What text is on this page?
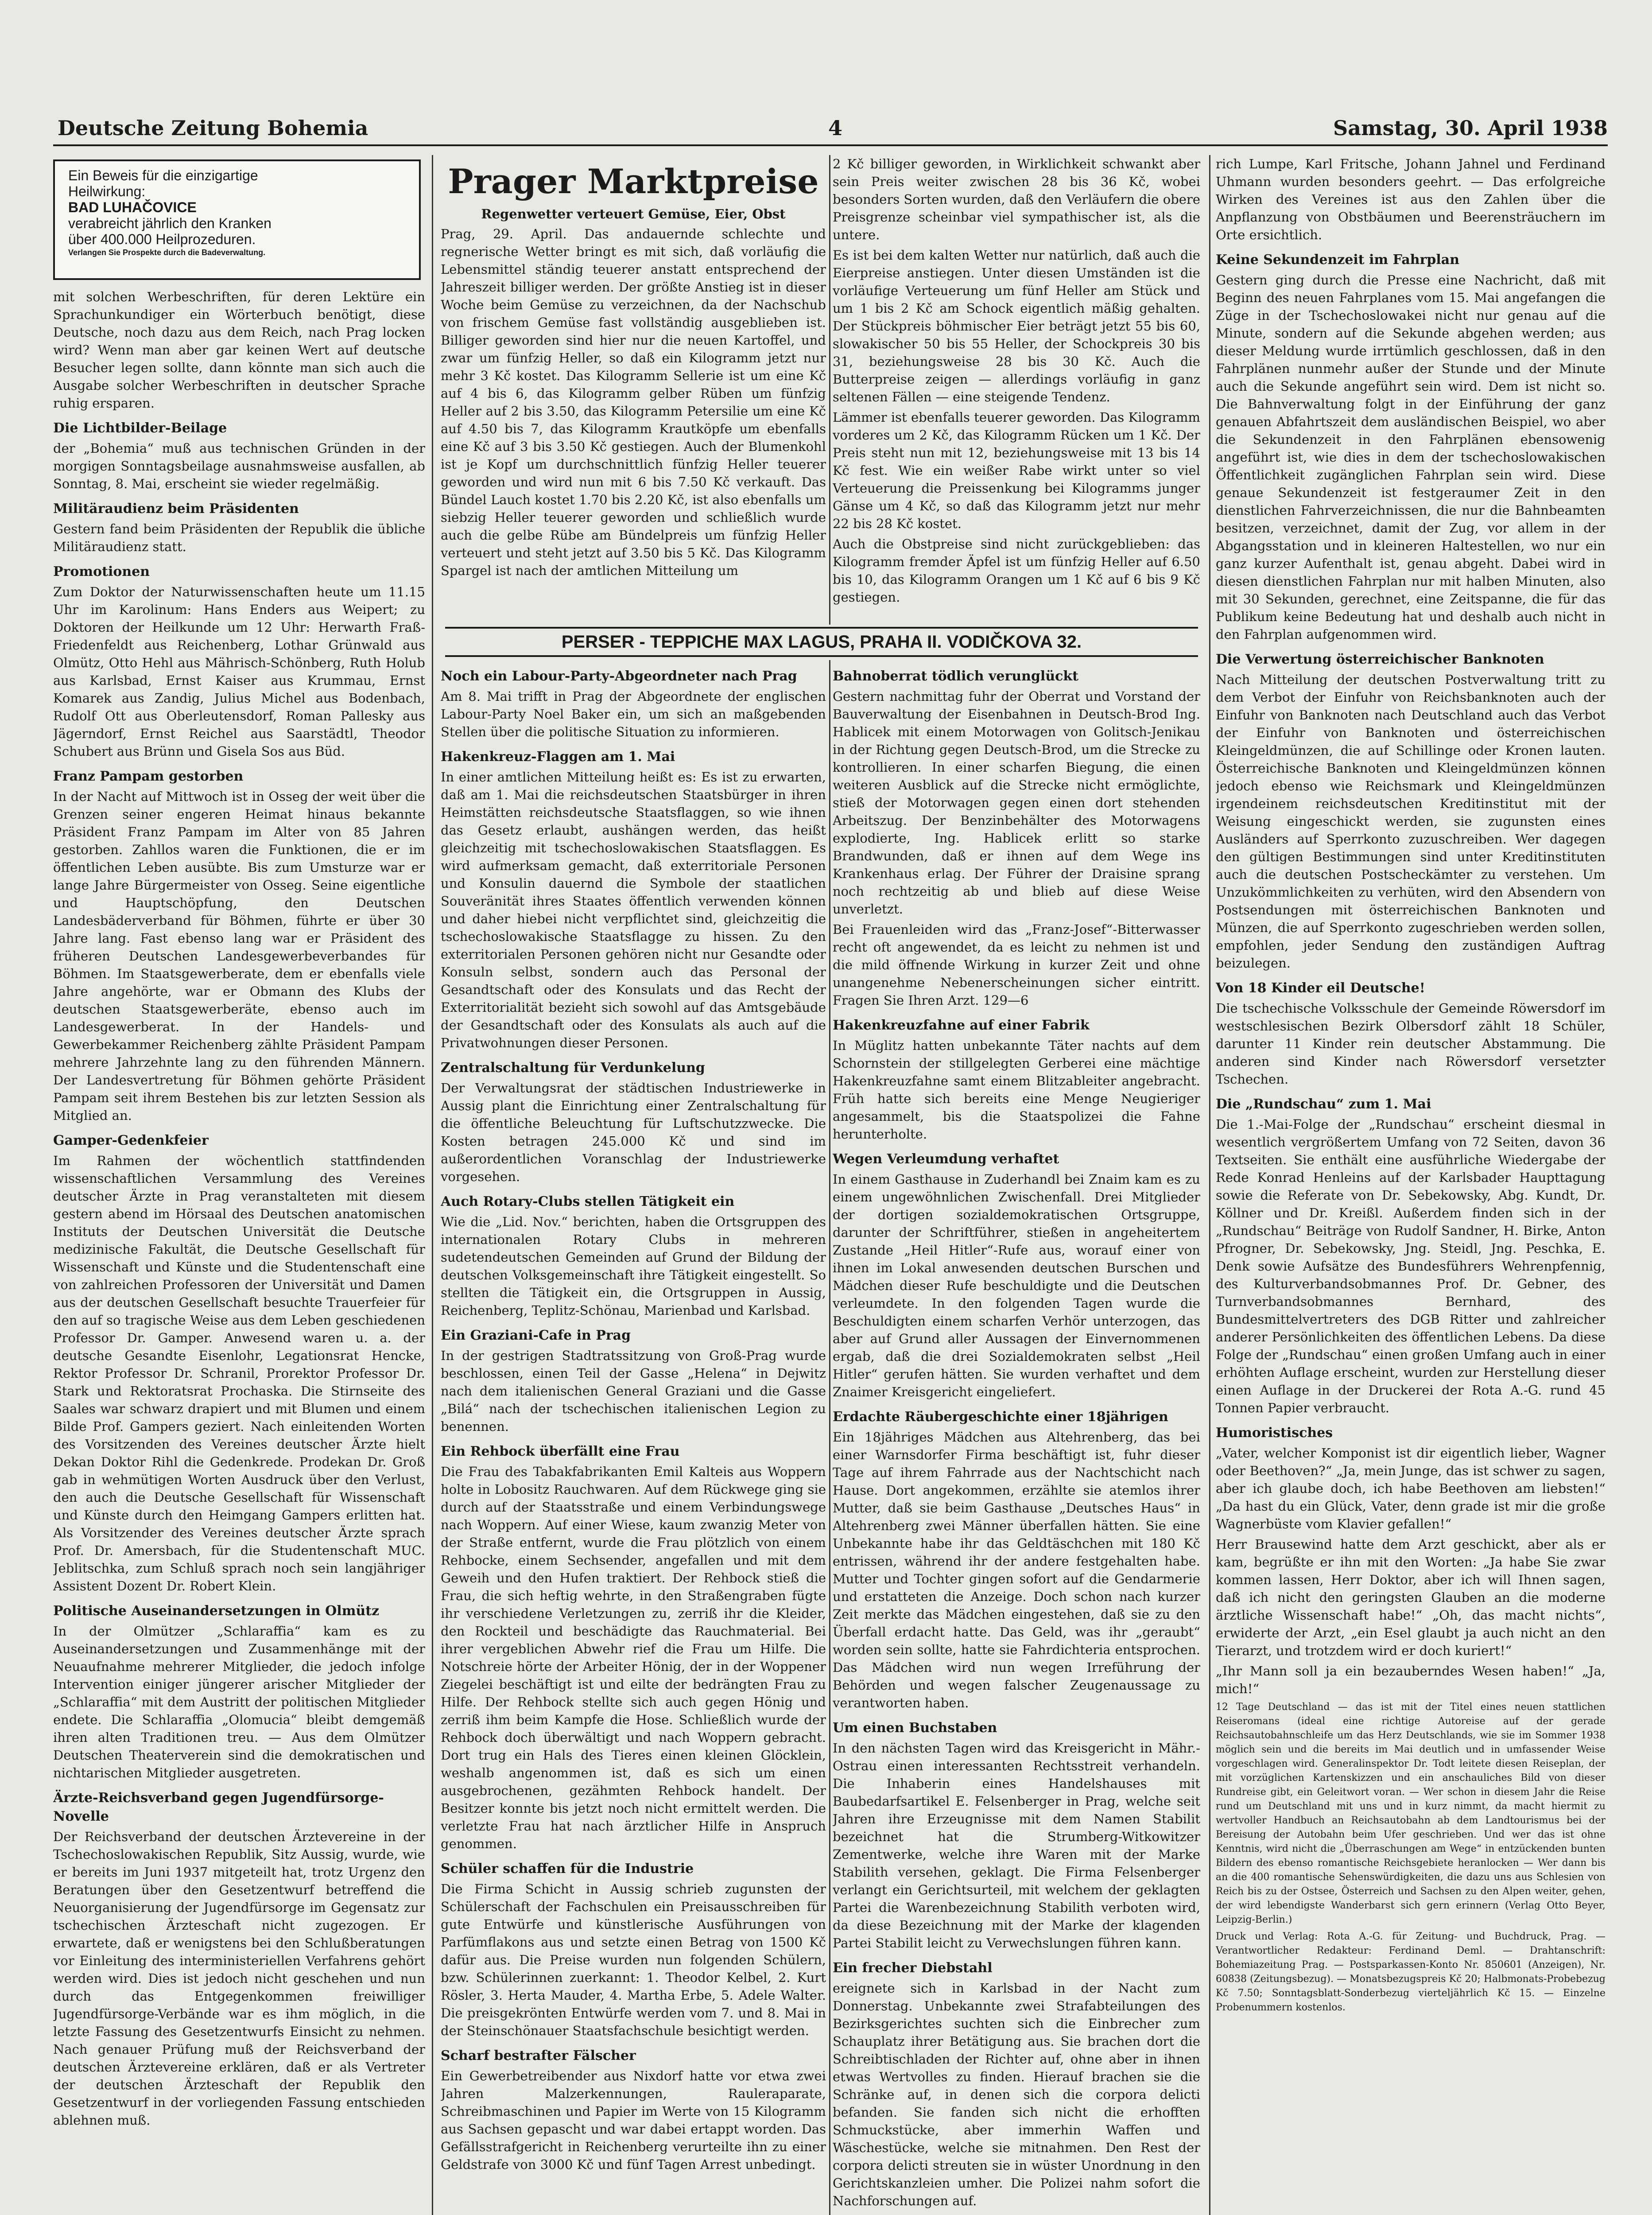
Deutsche Zeitung Bohemia	4	Samstag, 30. April 1938
Ein Beweis für die einzigartige
Heilwirkung:
BAD LUHAČOVICE
verabreicht jährlich den Kranken
über 400.000 Heilprozeduren.
Verlangen Sie Prospekte durch die Badeverwaltung.
mit solchen Werbeschriften, für deren Lektüre ein Sprachunkundiger ein Wörterbuch benötigt, diese Deutsche, noch dazu aus dem Reich, nach Prag locken wird? Wenn man aber gar keinen Wert auf deutsche Besucher legen sollte, dann könnte man sich auch die Ausgabe solcher Werbeschriften in deutscher Sprache ruhig ersparen.
Die Lichtbilder-Beilage
der „Bohemia“ muß aus technischen Gründen in der morgigen Sonntagsbeilage ausnahmsweise ausfallen, ab Sonntag, 8. Mai, erscheint sie wieder regelmäßig.
Militäraudienz beim Präsidenten
Gestern fand beim Präsidenten der Republik die übliche Militäraudienz statt.
Promotionen
Zum Doktor der Naturwissenschaften heute um 11.15 Uhr im Karolinum: Hans Enders aus Weipert; zu Doktoren der Heilkunde um 12 Uhr: Herwarth Fraß-Friedenfeldt aus Reichenberg, Lothar Grünwald aus Olmütz, Otto Hehl aus Mährisch-Schönberg, Ruth Holub aus Karlsbad, Ernst Kaiser aus Krummau, Ernst Komarek aus Zandig, Julius Michel aus Bodenbach, Rudolf Ott aus Oberleutensdorf, Roman Pallesky aus Jägerndorf, Ernst Reichel aus Saarstädtl, Theodor Schubert aus Brünn und Gisela Sos aus Büd.
Franz Pampam gestorben
In der Nacht auf Mittwoch ist in Osseg der weit über die Grenzen seiner engeren Heimat hinaus bekannte Präsident Franz Pampam im Alter von 85 Jahren gestorben. Zahllos waren die Funktionen, die er im öffentlichen Leben ausübte. Bis zum Umsturze war er lange Jahre Bürgermeister von Osseg. Seine eigentliche und Hauptschöpfung, den Deutschen Landesbäderverband für Böhmen, führte er über 30 Jahre lang. Fast ebenso lang war er Präsident des früheren Deutschen Landesgewerbeverbandes für Böhmen. Im Staatsgewerberate, dem er ebenfalls viele Jahre angehörte, war er Obmann des Klubs der deutschen Staatsgewerberäte, ebenso auch im Landesgewerberat. In der Handels- und Gewerbekammer Reichenberg zählte Präsident Pampam mehrere Jahrzehnte lang zu den führenden Männern. Der Landesvertretung für Böhmen gehörte Präsident Pampam seit ihrem Bestehen bis zur letzten Session als Mitglied an.
Gamper-Gedenkfeier
Im Rahmen der wöchentlich stattfindenden wissenschaftlichen Versammlung des Vereines deutscher Ärzte in Prag veranstalteten mit diesem gestern abend im Hörsaal des Deutschen anatomischen Instituts der Deutschen Universität die Deutsche medizinische Fakultät, die Deutsche Gesellschaft für Wissenschaft und Künste und die Studentenschaft eine von zahlreichen Professoren der Universität und Damen aus der deutschen Gesellschaft besuchte Trauerfeier für den auf so tragische Weise aus dem Leben geschiedenen Professor Dr. Gamper. Anwesend waren u. a. der deutsche Gesandte Eisenlohr, Legationsrat Hencke, Rektor Professor Dr. Schranil, Prorektor Professor Dr. Stark und Rektoratsrat Prochaska. Die Stirnseite des Saales war schwarz drapiert und mit Blumen und einem Bilde Prof. Gampers geziert. Nach einleitenden Worten des Vorsitzenden des Vereines deutscher Ärzte hielt Dekan Doktor Rihl die Gedenkrede. Prodekan Dr. Groß gab in wehmütigen Worten Ausdruck über den Verlust, den auch die Deutsche Gesellschaft für Wissenschaft und Künste durch den Heimgang Gampers erlitten hat. Als Vorsitzender des Vereines deutscher Ärzte sprach Prof. Dr. Amersbach, für die Studentenschaft MUC. Jeblitschka, zum Schluß sprach noch sein langjähriger Assistent Dozent Dr. Robert Klein.
Politische Auseinandersetzungen in Olmütz
In der Olmützer „Schlaraffia“ kam es zu Auseinandersetzungen und Zusammenhänge mit der Neuaufnahme mehrerer Mitglieder, die jedoch infolge Intervention einiger jüngerer arischer Mitglieder der „Schlaraffia“ mit dem Austritt der politischen Mitglieder endete. Die Schlaraffia „Olomucia“ bleibt demgemäß ihren alten Traditionen treu. — Aus dem Olmützer Deutschen Theaterverein sind die demokratischen und nichtarischen Mitglieder ausgetreten.
Ärzte-Reichsverband gegen Jugendfürsorge-Novelle
Der Reichsverband der deutschen Ärztevereine in der Tschechoslowakischen Republik, Sitz Aussig, wurde, wie er bereits im Juni 1937 mitgeteilt hat, trotz Urgenz den Beratungen über den Gesetzentwurf betreffend die Neuorganisierung der Jugendfürsorge im Gegensatz zur tschechischen Ärzteschaft nicht zugezogen. Er erwartete, daß er wenigstens bei den Schlußberatungen vor Einleitung des interministeriellen Verfahrens gehört werden wird. Dies ist jedoch nicht geschehen und nun durch das Entgegenkommen freiwilliger Jugendfürsorge-Verbände war es ihm möglich, in die letzte Fassung des Gesetzentwurfs Einsicht zu nehmen. Nach genauer Prüfung muß der Reichsverband der deutschen Ärztevereine erklären, daß er als Vertreter der deutschen Ärzteschaft der Republik den Gesetzentwurf in der vorliegenden Fassung entschieden ablehnen muß.
Prager Marktpreise
Regenwetter verteuert Gemüse, Eier, Obst
Prag, 29. April. Das andauernde schlechte und regnerische Wetter bringt es mit sich, daß vorläufig die Lebensmittel ständig teuerer anstatt entsprechend der Jahreszeit billiger werden. Der größte Anstieg ist in dieser Woche beim Gemüse zu verzeichnen, da der Nachschub von frischem Gemüse fast vollständig ausgeblieben ist. Billiger geworden sind hier nur die neuen Kartoffel, und zwar um fünfzig Heller, so daß ein Kilogramm jetzt nur mehr 3 Kč kostet. Das Kilogramm Sellerie ist um eine Kč auf 4 bis 6, das Kilogramm gelber Rüben um fünfzig Heller auf 2 bis 3.50, das Kilogramm Petersilie um eine Kč auf 4.50 bis 7, das Kilogramm Krautköpfe um ebenfalls eine Kč auf 3 bis 3.50 Kč gestiegen. Auch der Blumenkohl ist je Kopf um durchschnittlich fünfzig Heller teuerer geworden und wird nun mit 6 bis 7.50 Kč verkauft. Das Bündel Lauch kostet 1.70 bis 2.20 Kč, ist also ebenfalls um siebzig Heller teuerer geworden und schließlich wurde auch die gelbe Rübe am Bündelpreis um fünfzig Heller verteuert und steht jetzt auf 3.50 bis 5 Kč. Das Kilogramm Spargel ist nach der amtlichen Mitteilung um
Noch ein Labour-Party-Abgeordneter nach Prag
Am 8. Mai trifft in Prag der Abgeordnete der englischen Labour-Party Noel Baker ein, um sich an maßgebenden Stellen über die politische Situation zu informieren.
Hakenkreuz-Flaggen am 1. Mai
In einer amtlichen Mitteilung heißt es: Es ist zu erwarten, daß am 1. Mai die reichsdeutschen Staatsbürger in ihren Heimstätten reichsdeutsche Staatsflaggen, so wie ihnen das Gesetz erlaubt, aushängen werden, das heißt gleichzeitig mit tschechoslowakischen Staatsflaggen. Es wird aufmerksam gemacht, daß exterritoriale Personen und Konsulin dauernd die Symbole der staatlichen Souveränität ihres Staates öffentlich verwenden können und daher hiebei nicht verpflichtet sind, gleichzeitig die tschechoslowakische Staatsflagge zu hissen. Zu den exterritorialen Personen gehören nicht nur Gesandte oder Konsuln selbst, sondern auch das Personal der Gesandtschaft oder des Konsulats und das Recht der Exterritorialität bezieht sich sowohl auf das Amtsgebäude der Gesandtschaft oder des Konsulats als auch auf die Privatwohnungen dieser Personen.
Zentralschaltung für Verdunkelung
Der Verwaltungsrat der städtischen Industriewerke in Aussig plant die Einrichtung einer Zentralschaltung für die öffentliche Beleuchtung für Luftschutzzwecke. Die Kosten betragen 245.000 Kč und sind im außerordentlichen Voranschlag der Industriewerke vorgesehen.
Auch Rotary-Clubs stellen Tätigkeit ein
Wie die „Lid. Nov.“ berichten, haben die Ortsgruppen des internationalen Rotary Clubs in mehreren sudetendeutschen Gemeinden auf Grund der Bildung der deutschen Volksgemeinschaft ihre Tätigkeit eingestellt. So stellten die Tätigkeit ein, die Ortsgruppen in Aussig, Reichenberg, Teplitz-Schönau, Marienbad und Karlsbad.
Ein Graziani-Cafe in Prag
In der gestrigen Stadtratssitzung von Groß-Prag wurde beschlossen, einen Teil der Gasse „Helena“ in Dejwitz nach dem italienischen General Graziani und die Gasse „Bilá“ nach der tschechischen italienischen Legion zu benennen.
Ein Rehbock überfällt eine Frau
Die Frau des Tabakfabrikanten Emil Kalteis aus Woppern holte in Lobositz Rauchwaren. Auf dem Rückwege ging sie durch auf der Staatsstraße und einem Verbindungswege nach Woppern. Auf einer Wiese, kaum zwanzig Meter von der Straße entfernt, wurde die Frau plötzlich von einem Rehbocke, einem Sechsender, angefallen und mit dem Geweih und den Hufen traktiert. Der Rehbock stieß die Frau, die sich heftig wehrte, in den Straßengraben fügte ihr verschiedene Verletzungen zu, zerriß ihr die Kleider, den Rockteil und beschädigte das Rauchmaterial. Bei ihrer vergeblichen Abwehr rief die Frau um Hilfe. Die Notschreie hörte der Arbeiter Hönig, der in der Woppener Ziegelei beschäftigt ist und eilte der bedrängten Frau zu Hilfe. Der Rehbock stellte sich auch gegen Hönig und zerriß ihm beim Kampfe die Hose. Schließlich wurde der Rehbock doch überwältigt und nach Woppern gebracht. Dort trug ein Hals des Tieres einen kleinen Glöcklein, weshalb angenommen ist, daß es sich um einen ausgebrochenen, gezähmten Rehbock handelt. Der Besitzer konnte bis jetzt noch nicht ermittelt werden. Die verletzte Frau hat nach ärztlicher Hilfe in Anspruch genommen.
Schüler schaffen für die Industrie
Die Firma Schicht in Aussig schrieb zugunsten der Schülerschaft der Fachschulen ein Preisausschreiben für gute Entwürfe und künstlerische Ausführungen von Parfümflakons aus und setzte einen Betrag von 1500 Kč dafür aus. Die Preise wurden nun folgenden Schülern, bzw. Schülerinnen zuerkannt: 1. Theodor Kelbel, 2. Kurt Rösler, 3. Herta Mauder, 4. Martha Erbe, 5. Adele Walter. Die preisgekrönten Entwürfe werden vom 7. und 8. Mai in der Steinschönauer Staatsfachschule besichtigt werden.
Scharf bestrafter Fälscher
Ein Gewerbetreibender aus Nixdorf hatte vor etwa zwei Jahren Malzerkennungen, Rauleraparate, Schreibmaschinen und Papier im Werte von 15 Kilogramm aus Sachsen gepascht und war dabei ertappt worden. Das Gefällsstrafgericht in Reichenberg verurteilte ihn zu einer Geldstrafe von 3000 Kč und fünf Tagen Arrest unbedingt.
2 Kč billiger geworden, in Wirklichkeit schwankt aber sein Preis weiter zwischen 28 bis 36 Kč, wobei besonders Sorten wurden, daß den Verläufern die obere Preisgrenze scheinbar viel sympathischer ist, als die untere.
Es ist bei dem kalten Wetter nur natürlich, daß auch die Eierpreise anstiegen. Unter diesen Umständen ist die vorläufige Verteuerung um fünf Heller am Stück und um 1 bis 2 Kč am Schock eigentlich mäßig gehalten. Der Stückpreis böhmischer Eier beträgt jetzt 55 bis 60, slowakischer 50 bis 55 Heller, der Schockpreis 30 bis 31, beziehungsweise 28 bis 30 Kč. Auch die Butterpreise zeigen — allerdings vorläufig in ganz seltenen Fällen — eine steigende Tendenz.
Lämmer ist ebenfalls teuerer geworden. Das Kilogramm vorderes um 2 Kč, das Kilogramm Rücken um 1 Kč. Der Preis steht nun mit 12, beziehungsweise mit 13 bis 14 Kč fest. Wie ein weißer Rabe wirkt unter so viel Verteuerung die Preissenkung bei Kilogramms junger Gänse um 4 Kč, so daß das Kilogramm jetzt nur mehr 22 bis 28 Kč kostet.
Auch die Obstpreise sind nicht zurückgeblieben: das Kilogramm fremder Äpfel ist um fünfzig Heller auf 6.50 bis 10, das Kilogramm Orangen um 1 Kč auf 6 bis 9 Kč gestiegen.
Bahnoberrat tödlich verunglückt
Gestern nachmittag fuhr der Oberrat und Vorstand der Bauverwaltung der Eisenbahnen in Deutsch-Brod Ing. Hablicek mit einem Motorwagen von Golitsch-Jenikau in der Richtung gegen Deutsch-Brod, um die Strecke zu kontrollieren. In einer scharfen Biegung, die einen weiteren Ausblick auf die Strecke nicht ermöglichte, stieß der Motorwagen gegen einen dort stehenden Arbeitszug. Der Benzinbehälter des Motorwagens explodierte, Ing. Hablicek erlitt so starke Brandwunden, daß er ihnen auf dem Wege ins Krankenhaus erlag. Der Führer der Draisine sprang noch rechtzeitig ab und blieb auf diese Weise unverletzt.
Bei Frauenleiden wird das „Franz-Josef“-Bitterwasser recht oft angewendet, da es leicht zu nehmen ist und die mild öffnende Wirkung in kurzer Zeit und ohne unangenehme Nebenerscheinungen sicher eintritt. Fragen Sie Ihren Arzt. 129—6
Hakenkreuzfahne auf einer Fabrik
In Müglitz hatten unbekannte Täter nachts auf dem Schornstein der stillgelegten Gerberei eine mächtige Hakenkreuzfahne samt einem Blitzableiter angebracht. Früh hatte sich bereits eine Menge Neugieriger angesammelt, bis die Staatspolizei die Fahne herunterholte.
Wegen Verleumdung verhaftet
In einem Gasthause in Zuderhandl bei Znaim kam es zu einem ungewöhnlichen Zwischenfall. Drei Mitglieder der dortigen sozialdemokratischen Ortsgruppe, darunter der Schriftführer, stießen in angeheitertem Zustande „Heil Hitler“-Rufe aus, worauf einer von ihnen im Lokal anwesenden deutschen Burschen und Mädchen dieser Rufe beschuldigte und die Deutschen verleumdete. In den folgenden Tagen wurde die Beschuldigten einem scharfen Verhör unterzogen, das aber auf Grund aller Aussagen der Einvernommenen ergab, daß die drei Sozialdemokraten selbst „Heil Hitler“ gerufen hätten. Sie wurden verhaftet und dem Znaimer Kreisgericht eingeliefert.
Erdachte Räubergeschichte einer 18jährigen
Ein 18jähriges Mädchen aus Altehrenberg, das bei einer Warnsdorfer Firma beschäftigt ist, fuhr dieser Tage auf ihrem Fahrrade aus der Nachtschicht nach Hause. Dort angekommen, erzählte sie atemlos ihrer Mutter, daß sie beim Gasthause „Deutsches Haus“ in Altehrenberg zwei Männer überfallen hätten. Sie eine Unbekannte habe ihr das Geldtäschchen mit 180 Kč entrissen, während ihr der andere festgehalten habe. Mutter und Tochter gingen sofort auf die Gendarmerie und erstatteten die Anzeige. Doch schon nach kurzer Zeit merkte das Mädchen eingestehen, daß sie zu den Überfall erdacht hatte. Das Geld, was ihr „geraubt“ worden sein sollte, hatte sie Fahrdichteria entsprochen. Das Mädchen wird nun wegen Irreführung der Behörden und wegen falscher Zeugenaussage zu verantworten haben.
Um einen Buchstaben
In den nächsten Tagen wird das Kreisgericht in Mähr.-Ostrau einen interessanten Rechtsstreit verhandeln. Die Inhaberin eines Handelshauses mit Baubedarfsartikel E. Felsenberger in Prag, welche seit Jahren ihre Erzeugnisse mit dem Namen Stabilit bezeichnet hat die Strumberg-Witkowitzer Zementwerke, welche ihre Waren mit der Marke Stabilith versehen, geklagt. Die Firma Felsenberger verlangt ein Gerichtsurteil, mit welchem der geklagten Partei die Warenbezeichnung Stabilith verboten wird, da diese Bezeichnung mit der Marke der klagenden Partei Stabilit leicht zu Verwechslungen führen kann.
Ein frecher Diebstahl
ereignete sich in Karlsbad in der Nacht zum Donnerstag. Unbekannte zwei Strafabteilungen des Bezirksgerichtes suchten sich die Einbrecher zum Schauplatz ihrer Betätigung aus. Sie brachen dort die Schreibtischladen der Richter auf, ohne aber in ihnen etwas Wertvolles zu finden. Hierauf brachen sie die Schränke auf, in denen sich die corpora delicti befanden. Sie fanden sich nicht die erhofften Schmuckstücke, aber immerhin Waffen und Wäschestücke, welche sie mitnahmen. Den Rest der corpora delicti streuten sie in wüster Unordnung in den Gerichtskanzleien umher. Die Polizei nahm sofort die Nachforschungen auf.
rich Lumpe, Karl Fritsche, Johann Jahnel und Ferdinand Uhmann wurden besonders geehrt. — Das erfolgreiche Wirken des Vereines ist aus den Zahlen über die Anpflanzung von Obstbäumen und Beerensträuchern im Orte ersichtlich.
Keine Sekundenzeit im Fahrplan
Gestern ging durch die Presse eine Nachricht, daß mit Beginn des neuen Fahrplanes vom 15. Mai angefangen die Züge in der Tschechoslowakei nicht nur genau auf die Minute, sondern auf die Sekunde abgehen werden; aus dieser Meldung wurde irrtümlich geschlossen, daß in den Fahrplänen nunmehr außer der Stunde und der Minute auch die Sekunde angeführt sein wird. Dem ist nicht so. Die Bahnverwaltung folgt in der Einführung der ganz genauen Abfahrtszeit dem ausländischen Beispiel, wo aber die Sekundenzeit in den Fahrplänen ebensowenig angeführt ist, wie dies in dem der tschechoslowakischen Öffentlichkeit zugänglichen Fahrplan sein wird. Diese genaue Sekundenzeit ist festgeraumer Zeit in den dienstlichen Fahrverzeichnissen, die nur die Bahnbeamten besitzen, verzeichnet, damit der Zug, vor allem in der Abgangsstation und in kleineren Haltestellen, wo nur ein ganz kurzer Aufenthalt ist, genau abgeht. Dabei wird in diesen dienstlichen Fahrplan nur mit halben Minuten, also mit 30 Sekunden, gerechnet, eine Zeitspanne, die für das Publikum keine Bedeutung hat und deshalb auch nicht in den Fahrplan aufgenommen wird.
Die Verwertung österreichischer Banknoten
Nach Mitteilung der deutschen Postverwaltung tritt zu dem Verbot der Einfuhr von Reichsbanknoten auch der Einfuhr von Banknoten nach Deutschland auch das Verbot der Einfuhr von Banknoten und österreichischen Kleingeldmünzen, die auf Schillinge oder Kronen lauten. Österreichische Banknoten und Kleingeldmünzen können jedoch ebenso wie Reichsmark und Kleingeldmünzen irgendeinem reichsdeutschen Kreditinstitut mit der Weisung eingeschickt werden, sie zugunsten eines Ausländers auf Sperrkonto zuzuschreiben. Wer dagegen den gültigen Bestimmungen sind unter Kreditinstituten auch die deutschen Postscheckämter zu verstehen. Um Unzukömmlichkeiten zu verhüten, wird den Absendern von Postsendungen mit österreichischen Banknoten und Münzen, die auf Sperrkonto zugeschrieben werden sollen, empfohlen, jeder Sendung den zuständigen Auftrag beizulegen.
Von 18 Kinder eil Deutsche!
Die tschechische Volksschule der Gemeinde Röwersdorf im westschlesischen Bezirk Olbersdorf zählt 18 Schüler, darunter 11 Kinder rein deutscher Abstammung. Die anderen sind Kinder nach Röwersdorf versetzter Tschechen.
Die „Rundschau“ zum 1. Mai
Die 1.-Mai-Folge der „Rundschau“ erscheint diesmal in wesentlich vergrößertem Umfang von 72 Seiten, davon 36 Textseiten. Sie enthält eine ausführliche Wiedergabe der Rede Konrad Henleins auf der Karlsbader Haupttagung sowie die Referate von Dr. Sebekowsky, Abg. Kundt, Dr. Köllner und Dr. Kreißl. Außerdem finden sich in der „Rundschau“ Beiträge von Rudolf Sandner, H. Birke, Anton Pfrogner, Dr. Sebekowsky, Jng. Steidl, Jng. Peschka, E. Denk sowie Aufsätze des Bundesführers Wehrenpfennig, des Kulturverbandsobmannes Prof. Dr. Gebner, des Turnverbandsobmannes Bernhard, des Bundesmittelvertreters des DGB Ritter und zahlreicher anderer Persönlichkeiten des öffentlichen Lebens. Da diese Folge der „Rundschau“ einen großen Umfang auch in einer erhöhten Auflage erscheint, wurden zur Herstellung dieser einen Auflage in der Druckerei der Rota A.-G. rund 45 Tonnen Papier verbraucht.
Humoristisches
„Vater, welcher Komponist ist dir eigentlich lieber, Wagner oder Beethoven?“ „Ja, mein Junge, das ist schwer zu sagen, aber ich glaube doch, ich habe Beethoven am liebsten!“ „Da hast du ein Glück, Vater, denn grade ist mir die große Wagnerbüste vom Klavier gefallen!“
Herr Brausewind hatte dem Arzt geschickt, aber als er kam, begrüßte er ihn mit den Worten: „Ja habe Sie zwar kommen lassen, Herr Doktor, aber ich will Ihnen sagen, daß ich nicht den geringsten Glauben an die moderne ärztliche Wissenschaft habe!“ „Oh, das macht nichts“, erwiderte der Arzt, „ein Esel glaubt ja auch nicht an den Tierarzt, und trotzdem wird er doch kuriert!“
„Ihr Mann soll ja ein bezauberndes Wesen haben!“ „Ja, mich!“
12 Tage Deutschland — das ist mit der Titel eines neuen stattlichen Reiseromans (ideal eine richtige Autoreise auf der gerade Reichsautobahnschleife um das Herz Deutschlands, wie sie im Sommer 1938 möglich sein und die bereits im Mai deutlich und in umfassender Weise vorgeschlagen wird. Generalinspektor Dr. Todt leitete diesen Reiseplan, der mit vorzüglichen Kartenskizzen und ein anschauliches Bild von dieser Rundreise gibt, ein Geleitwort voran. — Wer schon in diesem Jahr die Reise rund um Deutschland mit uns und in kurz nimmt, da macht hiermit zu wertvoller Handbuch an Reichsautobahn ab dem Landtourismus bei der Bereisung der Autobahn beim Ufer geschrieben. Und wer das ist ohne Kenntnis, wird nicht die „Überraschungen am Wege“ in entzückenden bunten Bildern des ebenso romantische Reichsgebiete heranlocken — Wer dann bis an die 400 romantische Sehenswürdigkeiten, die dazu uns aus Schlesien von Reich bis zu der Ostsee, Österreich und Sachsen zu den Alpen weiter, gehen, der wird lebendigste Wanderbarst sich gern erinnern (Verlag Otto Beyer, Leipzig-Berlin.)
Druck und Verlag: Rota A.-G. für Zeitung- und Buchdruck, Prag. — Verantwortlicher Redakteur: Ferdinand Deml. — Drahtanschrift: Bohemiazeitung Prag. — Postsparkassen-Konto Nr. 850601 (Anzeigen), Nr. 60838 (Zeitungsbezug). — Monatsbezugspreis Kč 20; Halbmonats-Probebezug Kč 7.50; Sonntagsblatt-Sonderbezug vierteljährlich Kč 15. — Einzelne Probenummern kostenlos.
PERSER - TEPPICHE MAX LAGUS, PRAHA II. VODIČKOVA 32.
